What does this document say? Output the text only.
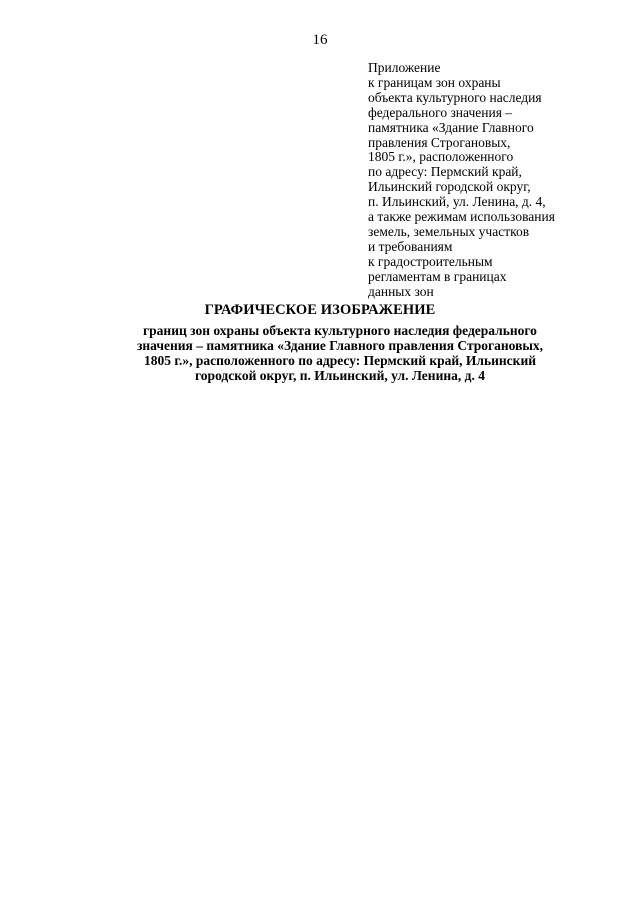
16
Приложение
к границам зон охраны
объекта культурного наследия
федерального значения –
памятника «Здание Главного
правления Строгановых,
1805 г.», расположенного
по адресу: Пермский край,
Ильинский городской округ,
п. Ильинский, ул. Ленина, д. 4,
а также режимам использования
земель, земельных участков
и требованиям
к градостроительным
регламентам в границах
данных зон
ГРАФИЧЕСКОЕ ИЗОБРАЖЕНИЕ
границ зон охраны объекта культурного наследия федерального
значения – памятника «Здание Главного правления Строгановых,
1805 г.», расположенного по адресу: Пермский край, Ильинский
городской округ, п. Ильинский, ул. Ленина, д. 4
